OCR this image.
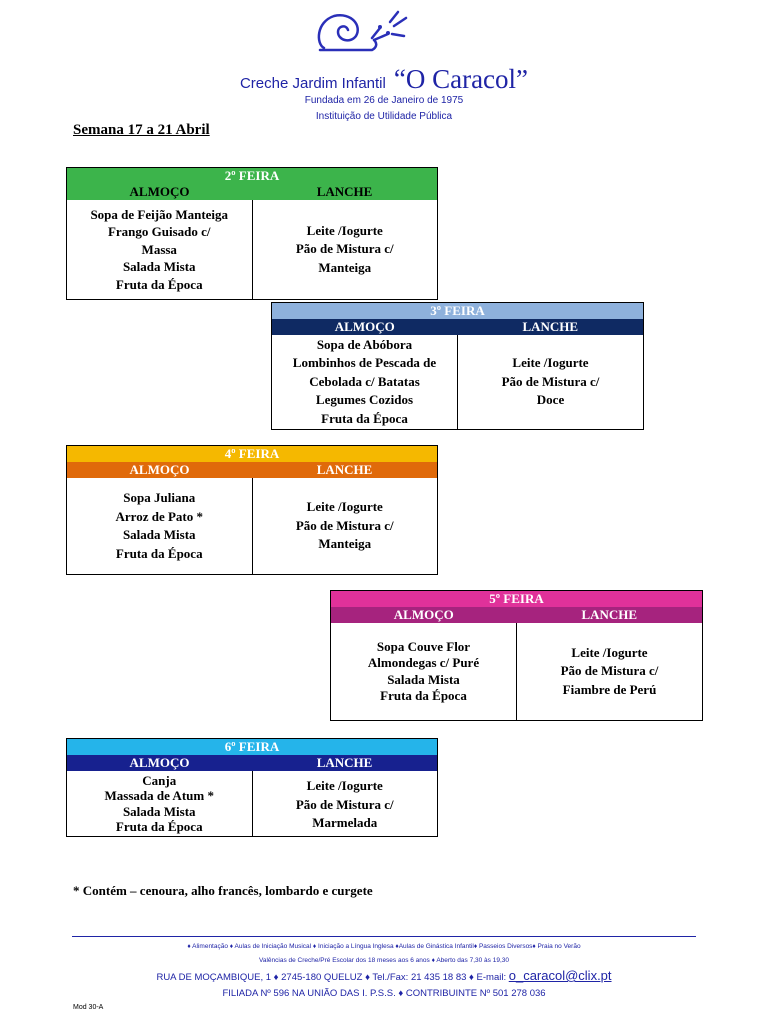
Creche Jardim Infantil “O Caracol”
Fundada em 26 de Janeiro de 1975
Instituição de Utilidade Pública
Semana 17 a 21 Abril
2º FEIRA
ALMOÇO	LANCHE
Sopa de Feijão Manteiga
Frango Guisado c/
Massa
Salada Mista
Fruta da Época
Leite /Iogurte
Pão de Mistura c/
Manteiga
3º FEIRA
ALMOÇO	LANCHE
Sopa de Abóbora
Lombinhos de Pescada de
Cebolada c/ Batatas
Legumes Cozidos
Fruta da Época
Leite /Iogurte
Pão de Mistura c/
Doce
4º FEIRA
ALMOÇO	LANCHE
Sopa Juliana
Arroz de Pato *
Salada Mista
Fruta da Época
Leite /Iogurte
Pão de Mistura c/
Manteiga
5º FEIRA
ALMOÇO	LANCHE
Sopa Couve Flor
Almondegas c/ Puré
Salada Mista
Fruta da Época
Leite /Iogurte
Pão de Mistura c/
Fiambre de Perú
6º FEIRA
ALMOÇO	LANCHE
Canja
Massada de Atum *
Salada Mista
Fruta da Época
Leite /Iogurte
Pão de Mistura c/
Marmelada
* Contém – cenoura, alho francês, lombardo e curgete
♦ Alimentação ♦ Aulas de Iniciação Musical ♦ Iniciação a Língua Inglesa ♦Aulas de Ginástica Infantil♦ Passeios Diversos♦ Praia no Verão
Valências de Creche/Pré Escolar dos 18 meses aos 6 anos ♦ Aberto das 7,30 às 19,30
RUA DE MOÇAMBIQUE, 1 ♦ 2745-180 QUELUZ ♦ Tel./Fax: 21 435 18 83 ♦ E-mail: o_caracol@clix.pt
FILIADA Nº 596 NA UNIÃO DAS I. P.S.S. ♦ CONTRIBUINTE Nº 501 278 036
Mod 30-A
